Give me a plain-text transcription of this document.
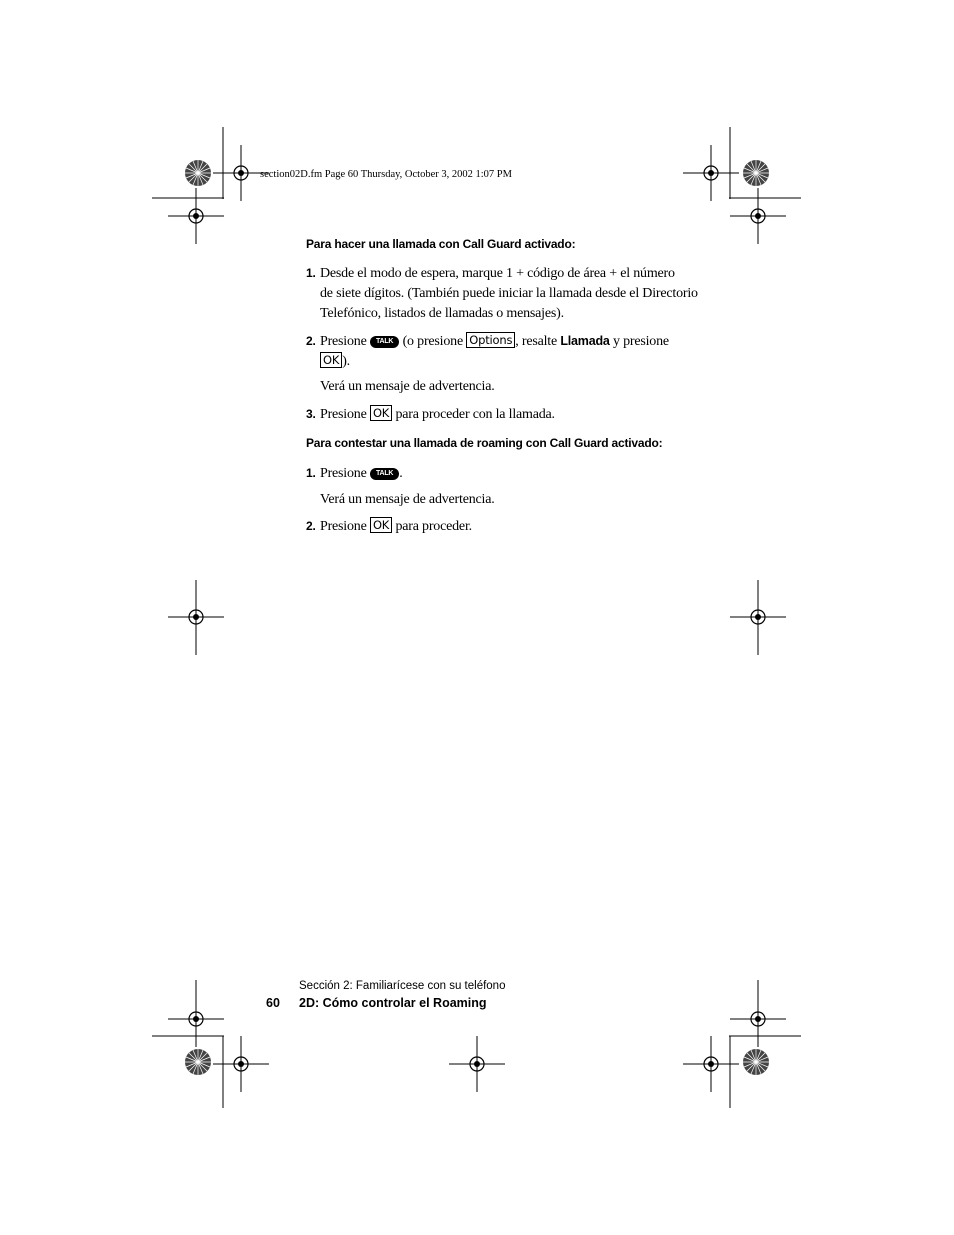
section02D.fm Page 60 Thursday, October 3, 2002 1:07 PM
Para hacer una llamada con Call Guard activado:
1. Desde el modo de espera, marque 1 + código de área + el número
de siete dígitos. (También puede iniciar la llamada desde el Directorio
Telefónico, listados de llamadas o mensajes).
2. Presione TALK (o presione Options , resalte Llamada y presione
OK ).
Verá un mensaje de advertencia.
3. Presione OK para proceder con la llamada.
Para contestar una llamada de roaming con Call Guard activado:
1. Presione TALK .
Verá un mensaje de advertencia.
2. Presione OK para proceder.
Sección 2: Familiarícese con su teléfono
60 2D: Cómo controlar el Roaming
